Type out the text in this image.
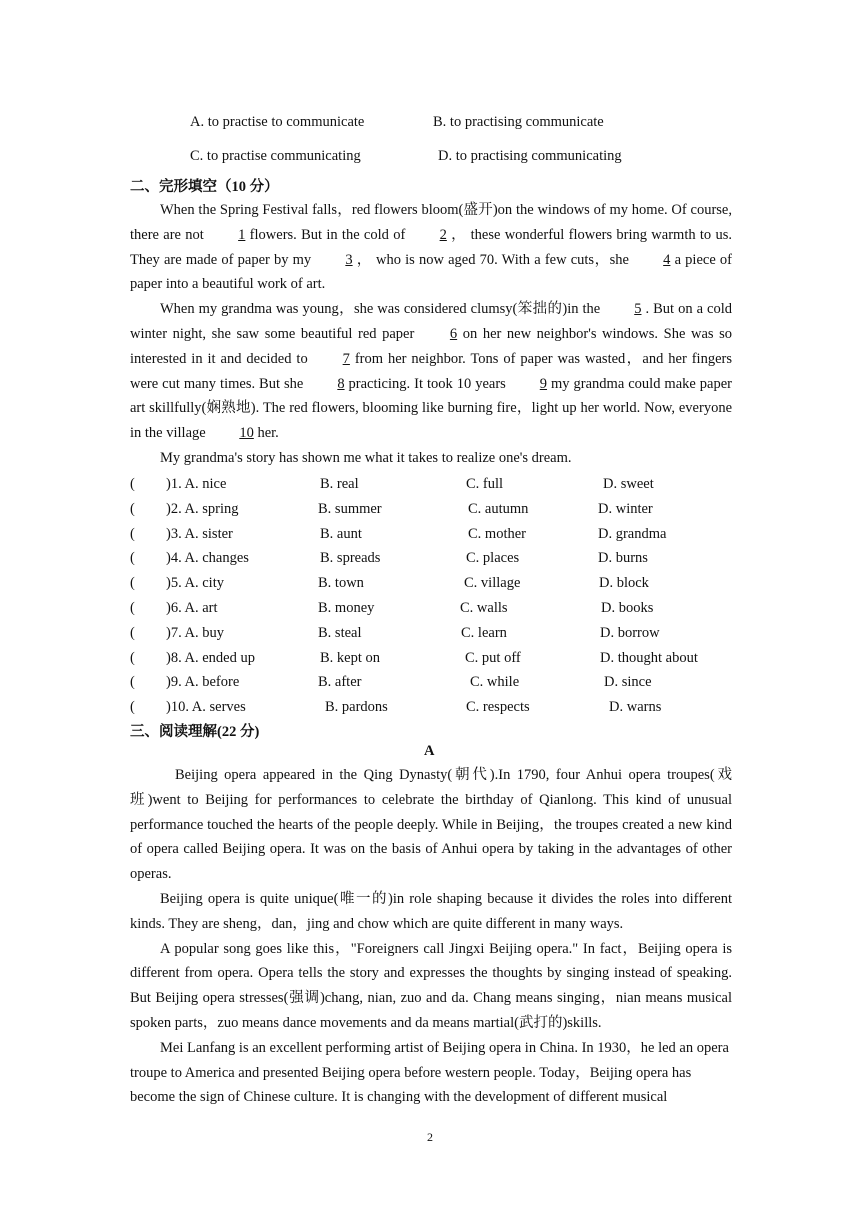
A. to practise to communicate	B. to practising communicate
C. to practise communicating	D. to practising communicating
二、完形填空（10 分）

When the Spring Festival falls，red flowers bloom(盛开)on the windows of my home. Of course, there are not 1 flowers. But in the cold of 2 ， these wonderful flowers bring warmth to us. They are made of paper by my 3 ， who is now aged 70. With a few cuts，she 4 a piece of paper into a beautiful work of art.

When my grandma was young，she was considered clumsy(笨拙的)in the 5 . But on a cold winter night, she saw some beautiful red paper 6 on her new neighbor's windows. She was so interested in it and decided to 7 from her neighbor. Tons of paper was wasted，and her fingers were cut many times. But she 8 practicing. It took 10 years 9 my grandma could make paper art skillfully(娴熟地). The red flowers, blooming like burning fire，light up her world. Now, everyone in the village 10 her.

My grandma's story has shown me what it takes to realize one's dream.

( )1. A. nice	B. real	C. full	D. sweet
( )2. A. spring	B. summer	C. autumn	D. winter
( )3. A. sister	B. aunt	C. mother	D. grandma
( )4. A. changes	B. spreads	C. places	D. burns
( )5. A. city	B. town	C. village	D. block
( )6. A. art	B. money	C. walls	D. books
( )7. A. buy	B. steal	C. learn	D. borrow
( )8. A. ended up	B. kept on	C. put off	D. thought about
( )9. A. before	B. after	C. while	D. since
( )10. A. serves	B. pardons	C. respects	D. warns
三、阅读理解(22 分)
A

Beijing opera appeared in the Qing Dynasty(朝代).In 1790, four Anhui opera troupes(戏班)went to Beijing for performances to celebrate the birthday of Qianlong. This kind of unusual performance touched the hearts of the people deeply. While in Beijing，the troupes created a new kind of opera called Beijing opera. It was on the basis of Anhui opera by taking in the advantages of other operas.

Beijing opera is quite unique(唯一的)in role shaping because it divides the roles into different kinds. They are sheng，dan，jing and chow which are quite different in many ways.

A popular song goes like this，"Foreigners call Jingxi Beijing opera." In fact，Beijing opera is different from opera. Opera tells the story and expresses the thoughts by singing instead of speaking. But Beijing opera stresses(强调)chang, nian, zuo and da. Chang means singing，nian means musical spoken parts，zuo means dance movements and da means martial(武打的)skills.

Mei Lanfang is an excellent performing artist of Beijing opera in China. In 1930，he led an opera troupe to America and presented Beijing opera before western people. Today，Beijing opera has become the sign of Chinese culture. It is changing with the development of different musical

2
